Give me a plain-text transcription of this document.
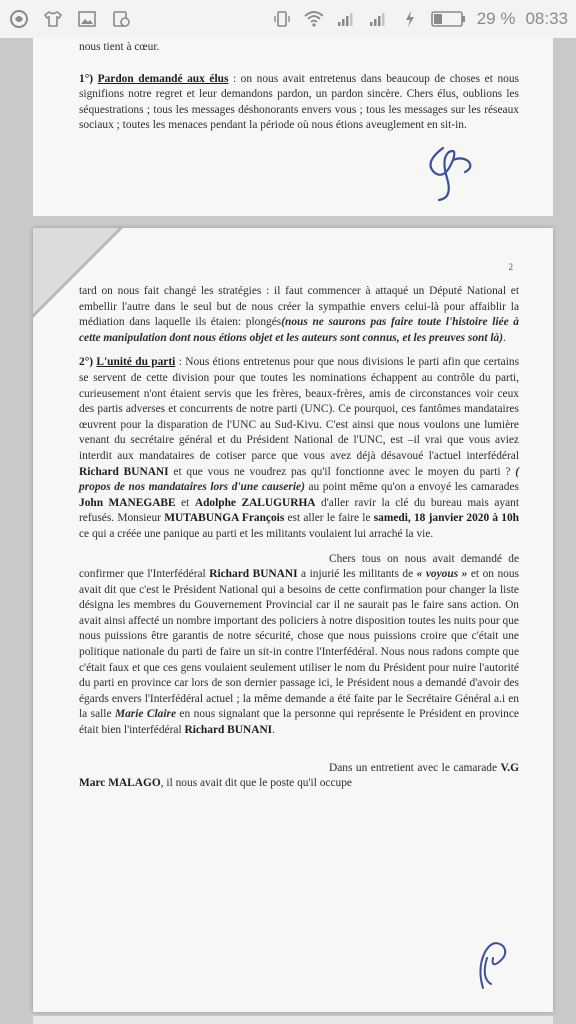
29 % 08:33

nous tient à cœur.

1°) Pardon demandé aux élus : on nous avait entretenus dans beaucoup de choses et nous signifions notre regret et leur demandons pardon, un pardon sincère. Chers élus, oublions les séquestrations ; tous les messages déshonorants envers vous ; tous les messages sur les réseaux sociaux ; toutes les menaces pendant la période où nous étions aveuglement en sit-in.

2

tard on nous fait changé les stratégies : il faut commencer à attaqué un Député National et embellir l'autre dans le seul but de nous créer la sympathie envers celui-là pour affaiblir la médiation dans laquelle ils étaien: plongés(nous ne saurons pas faire toute l'histoire liée à cette manipulation dont nous étions objet et les auteurs sont connus, et les preuves sont là).

2°) L'unité du parti : Nous étions entretenus pour que nous divisions le parti afin que certains se servent de cette division pour que toutes les nominations échappent au contrôle du parti, curieusement n'ont étaient servis que les frères, beaux-frères, amis de circonstances voir ceux des partis adverses et concurrents de notre parti (UNC). Ce pourquoi, ces fantômes mandataires œuvrent pour la disparation de l'UNC au Sud-Kivu. C'est ainsi que nous voulons une lumière venant du secrétaire général et du Président National de l'UNC, est –il vrai que vous aviez interdit aux mandataires de cotiser parce que vous avez déjà désavoué l'actuel interfédéral Richard BUNANI et que vous ne voudrez pas qu'il fonctionne avec le moyen du parti ? ( propos de nos mandataires lors d'une causerie) au point même qu'on a envoyé les camarades John MANEGABE et Adolphe ZALUGURHA d'aller ravir la clé du bureau mais ayant refusés. Monsieur MUTABUNGA François est aller le faire le samedi, 18 janvier 2020 à 10h ce qui a créée une panique au parti et les militants voulaient lui arraché la vie.

Chers tous on nous avait demandé de confirmer que l'Interfédéral Richard BUNANI a injurié les militants de « voyous » et on nous avait dit que c'est le Président National qui a besoins de cette confirmation pour changer la liste désigna les membres du Gouvernement Provincial car il ne saurait pas le faire sans action. On avait ainsi affecté un nombre important des policiers à notre disposition toutes les nuits pour que nous puissions être garantis de notre sécurité, chose que nous puissions croire que c'était une politique nationale du parti de faire un sit-in contre l'Interfédéral. Nous nous radons compte que c'était faux et que ces gens voulaient seulement utiliser le nom du Président pour nuire l'autorité du parti en province car lors de son dernier passage ici, le Président nous a demandé d'avoir des égards envers l'Interfédéral actuel ; la même demande a été faite par le Secrétaire Général a.i en la salle Marie Claire en nous signalant que la personne qui représente le Président en province était bien l'interfédéral Richard BUNANI.

Dans un entretient avec le camarade V.G Marc MALAGO, il nous avait dit que le poste qu'il occupe
